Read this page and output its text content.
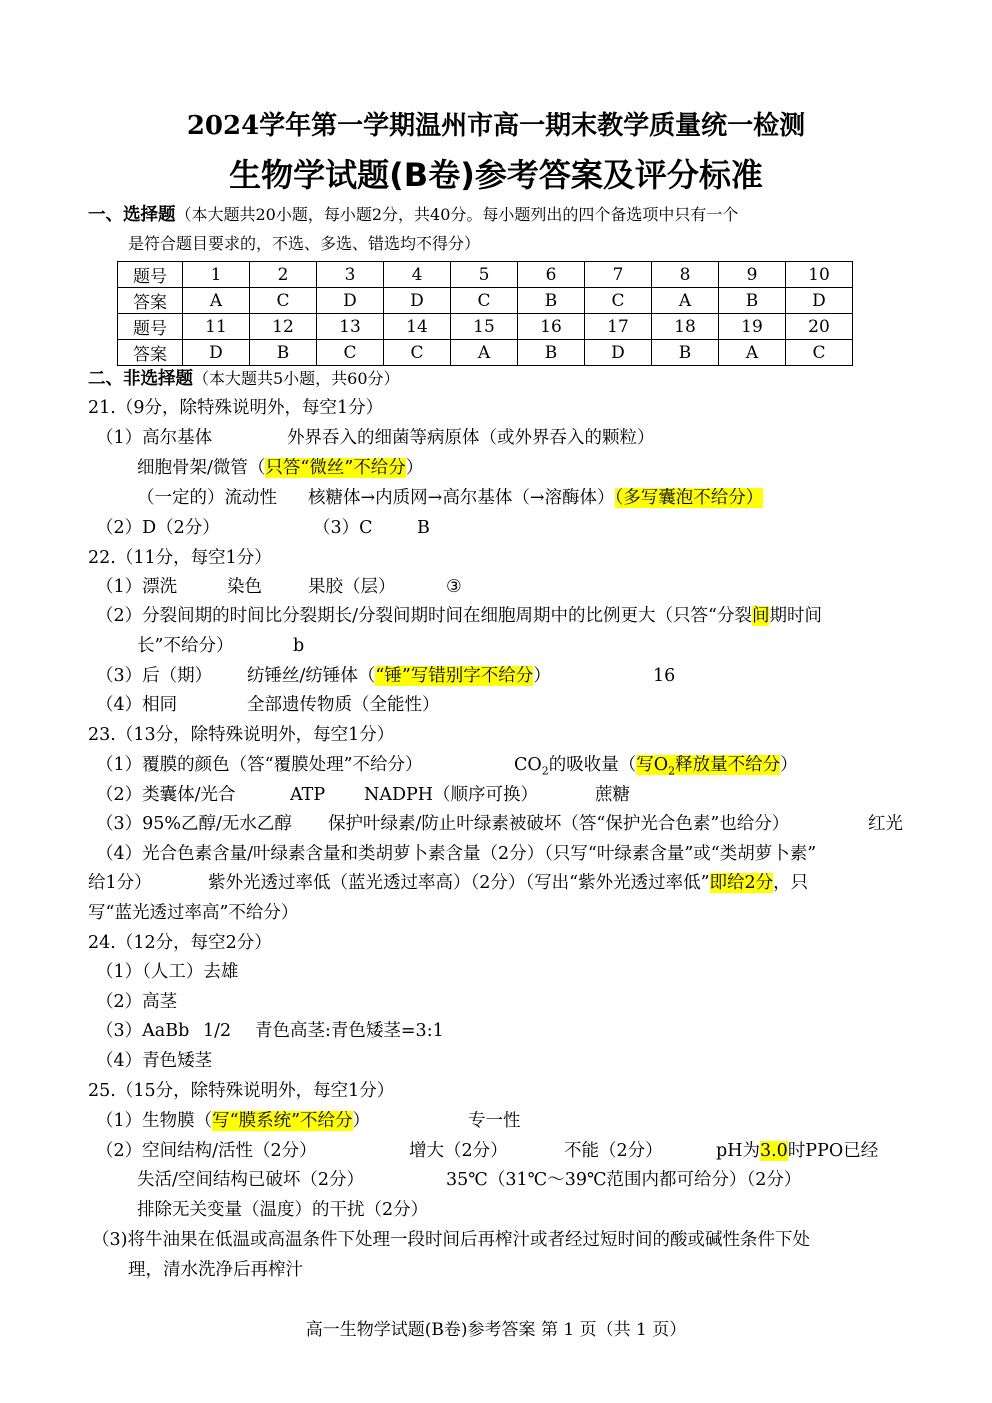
2024学年第一学期温州市高一期末教学质量统一检测
生物学试题(B卷)参考答案及评分标准
一、选择题（本大题共20小题，每小题2分，共40分。每小题列出的四个备选项中只有一个
是符合题目要求的，不选、多选、错选均不得分）
题号	1	2	3	4	5	6	7	8	9	10
答案	A	C	D	D	C	B	C	A	B	D
题号	11	12	13	14	15	16	17	18	19	20
答案	D	B	C	C	A	B	D	B	A	C
二、非选择题（本大题共5小题，共60分）
21.（9分，除特殊说明外，每空1分）
（1）高尔基体	外界吞入的细菌等病原体（或外界吞入的颗粒）
细胞骨架/微管（只答“微丝”不给分）
（一定的）流动性 核糖体→内质网→高尔基体（→溶酶体）（多写囊泡不给分）
（2）D（2分）	（3）C	B
22.（11分，每空1分）
（1）漂洗	染色	果胶（层）	③
（2）分裂间期的时间比分裂期长/分裂间期时间在细胞周期中的比例更大（只答“分裂间期时间
长”不给分）	b
（3）后（期） 纺锤丝/纺锤体（“锤”写错别字不给分）	16
（4）相同	全部遗传物质（全能性）
23.（13分，除特殊说明外，每空1分）
（1）覆膜的颜色（答“覆膜处理”不给分）	$CO_2$的吸收量（写$O_2$释放量不给分）
（2）类囊体/光合	ATP NADPH（顺序可换）	蔗糖
（3）95%乙醇/无水乙醇 保护叶绿素/防止叶绿素被破坏（答“保护光合色素”也给分）	红光
（4）光合色素含量/叶绿素含量和类胡萝卜素含量（2分）（只写“叶绿素含量”或“类胡萝卜素”
给1分）	紫外光透过率低（蓝光透过率高）（2分）（写出“紫外光透过率低”即给2分，只
写“蓝光透过率高”不给分）
24.（12分，每空2分）
（1）（人工）去雄
（2）高茎
（3）AaBb 1/2 青色高茎:青色矮茎=3:1
（4）青色矮茎
25.（15分，除特殊说明外，每空1分）
（1）生物膜（写“膜系统”不给分）	专一性
（2）空间结构/活性（2分）	增大（2分）	不能（2分）	pH为3.0时PPO已经
失活/空间结构已破坏（2分）	35℃（31℃～39℃范围内都可给分）（2分）
排除无关变量（温度）的干扰（2分）
（3)将牛油果在低温或高温条件下处理一段时间后再榨汁或者经过短时间的酸或碱性条件下处
理，清水洗净后再榨汁
高一生物学试题(B卷)参考答案 第 1 页（共 1 页）
